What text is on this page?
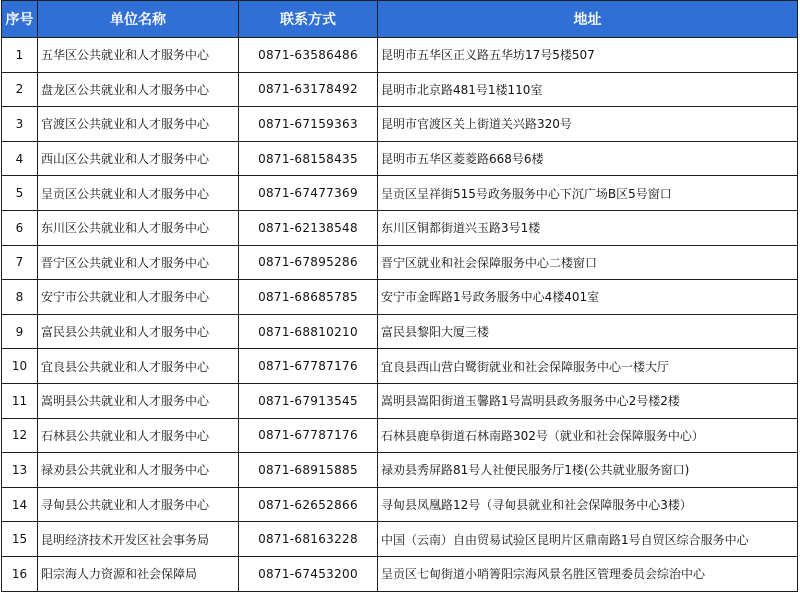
序号	单位名称	联系方式	地址
1	五华区公共就业和人才服务中心	0871-63586486	昆明市五华区正义路五华坊17号5楼507
2	盘龙区公共就业和人才服务中心	0871-63178492	昆明市北京路481号1楼110室
3	官渡区公共就业和人才服务中心	0871-67159363	昆明市官渡区关上街道关兴路320号
4	西山区公共就业和人才服务中心	0871-68158435	昆明市五华区菱菱路668号6楼
5	呈贡区公共就业和人才服务中心	0871-67477369	呈贡区呈祥街515号政务服务中心下沉广场B区5号窗口
6	东川区公共就业和人才服务中心	0871-62138548	东川区铜都街道兴玉路3号1楼
7	晋宁区公共就业和人才服务中心	0871-67895286	晋宁区就业和社会保障服务中心二楼窗口
8	安宁市公共就业和人才服务中心	0871-68685785	安宁市金晖路1号政务服务中心4楼401室
9	富民县公共就业和人才服务中心	0871-68810210	富民县黎阳大厦三楼
10	宜良县公共就业和人才服务中心	0871-67787176	宜良县西山营白鹭街就业和社会保障服务中心一楼大厅
11	嵩明县公共就业和人才服务中心	0871-67913545	嵩明县嵩阳街道玉馨路1号嵩明县政务服务中心2号楼2楼
12	石林县公共就业和人才服务中心	0871-67787176	石林县鹿阜街道石林南路302号（就业和社会保障服务中心）
13	禄劝县公共就业和人才服务中心	0871-68915885	禄劝县秀屏路81号人社便民服务厅1楼(公共就业服务窗口)
14	寻甸县公共就业和人才服务中心	0871-62652866	寻甸县凤凰路12号（寻甸县就业和社会保障服务中心3楼）
15	昆明经济技术开发区社会事务局	0871-68163228	中国（云南）自由贸易试验区昆明片区鼎南路1号自贸区综合服务中心
16	阳宗海人力资源和社会保障局	0871-67453200	呈贡区七甸街道小哨箐阳宗海风景名胜区管理委员会综治中心
